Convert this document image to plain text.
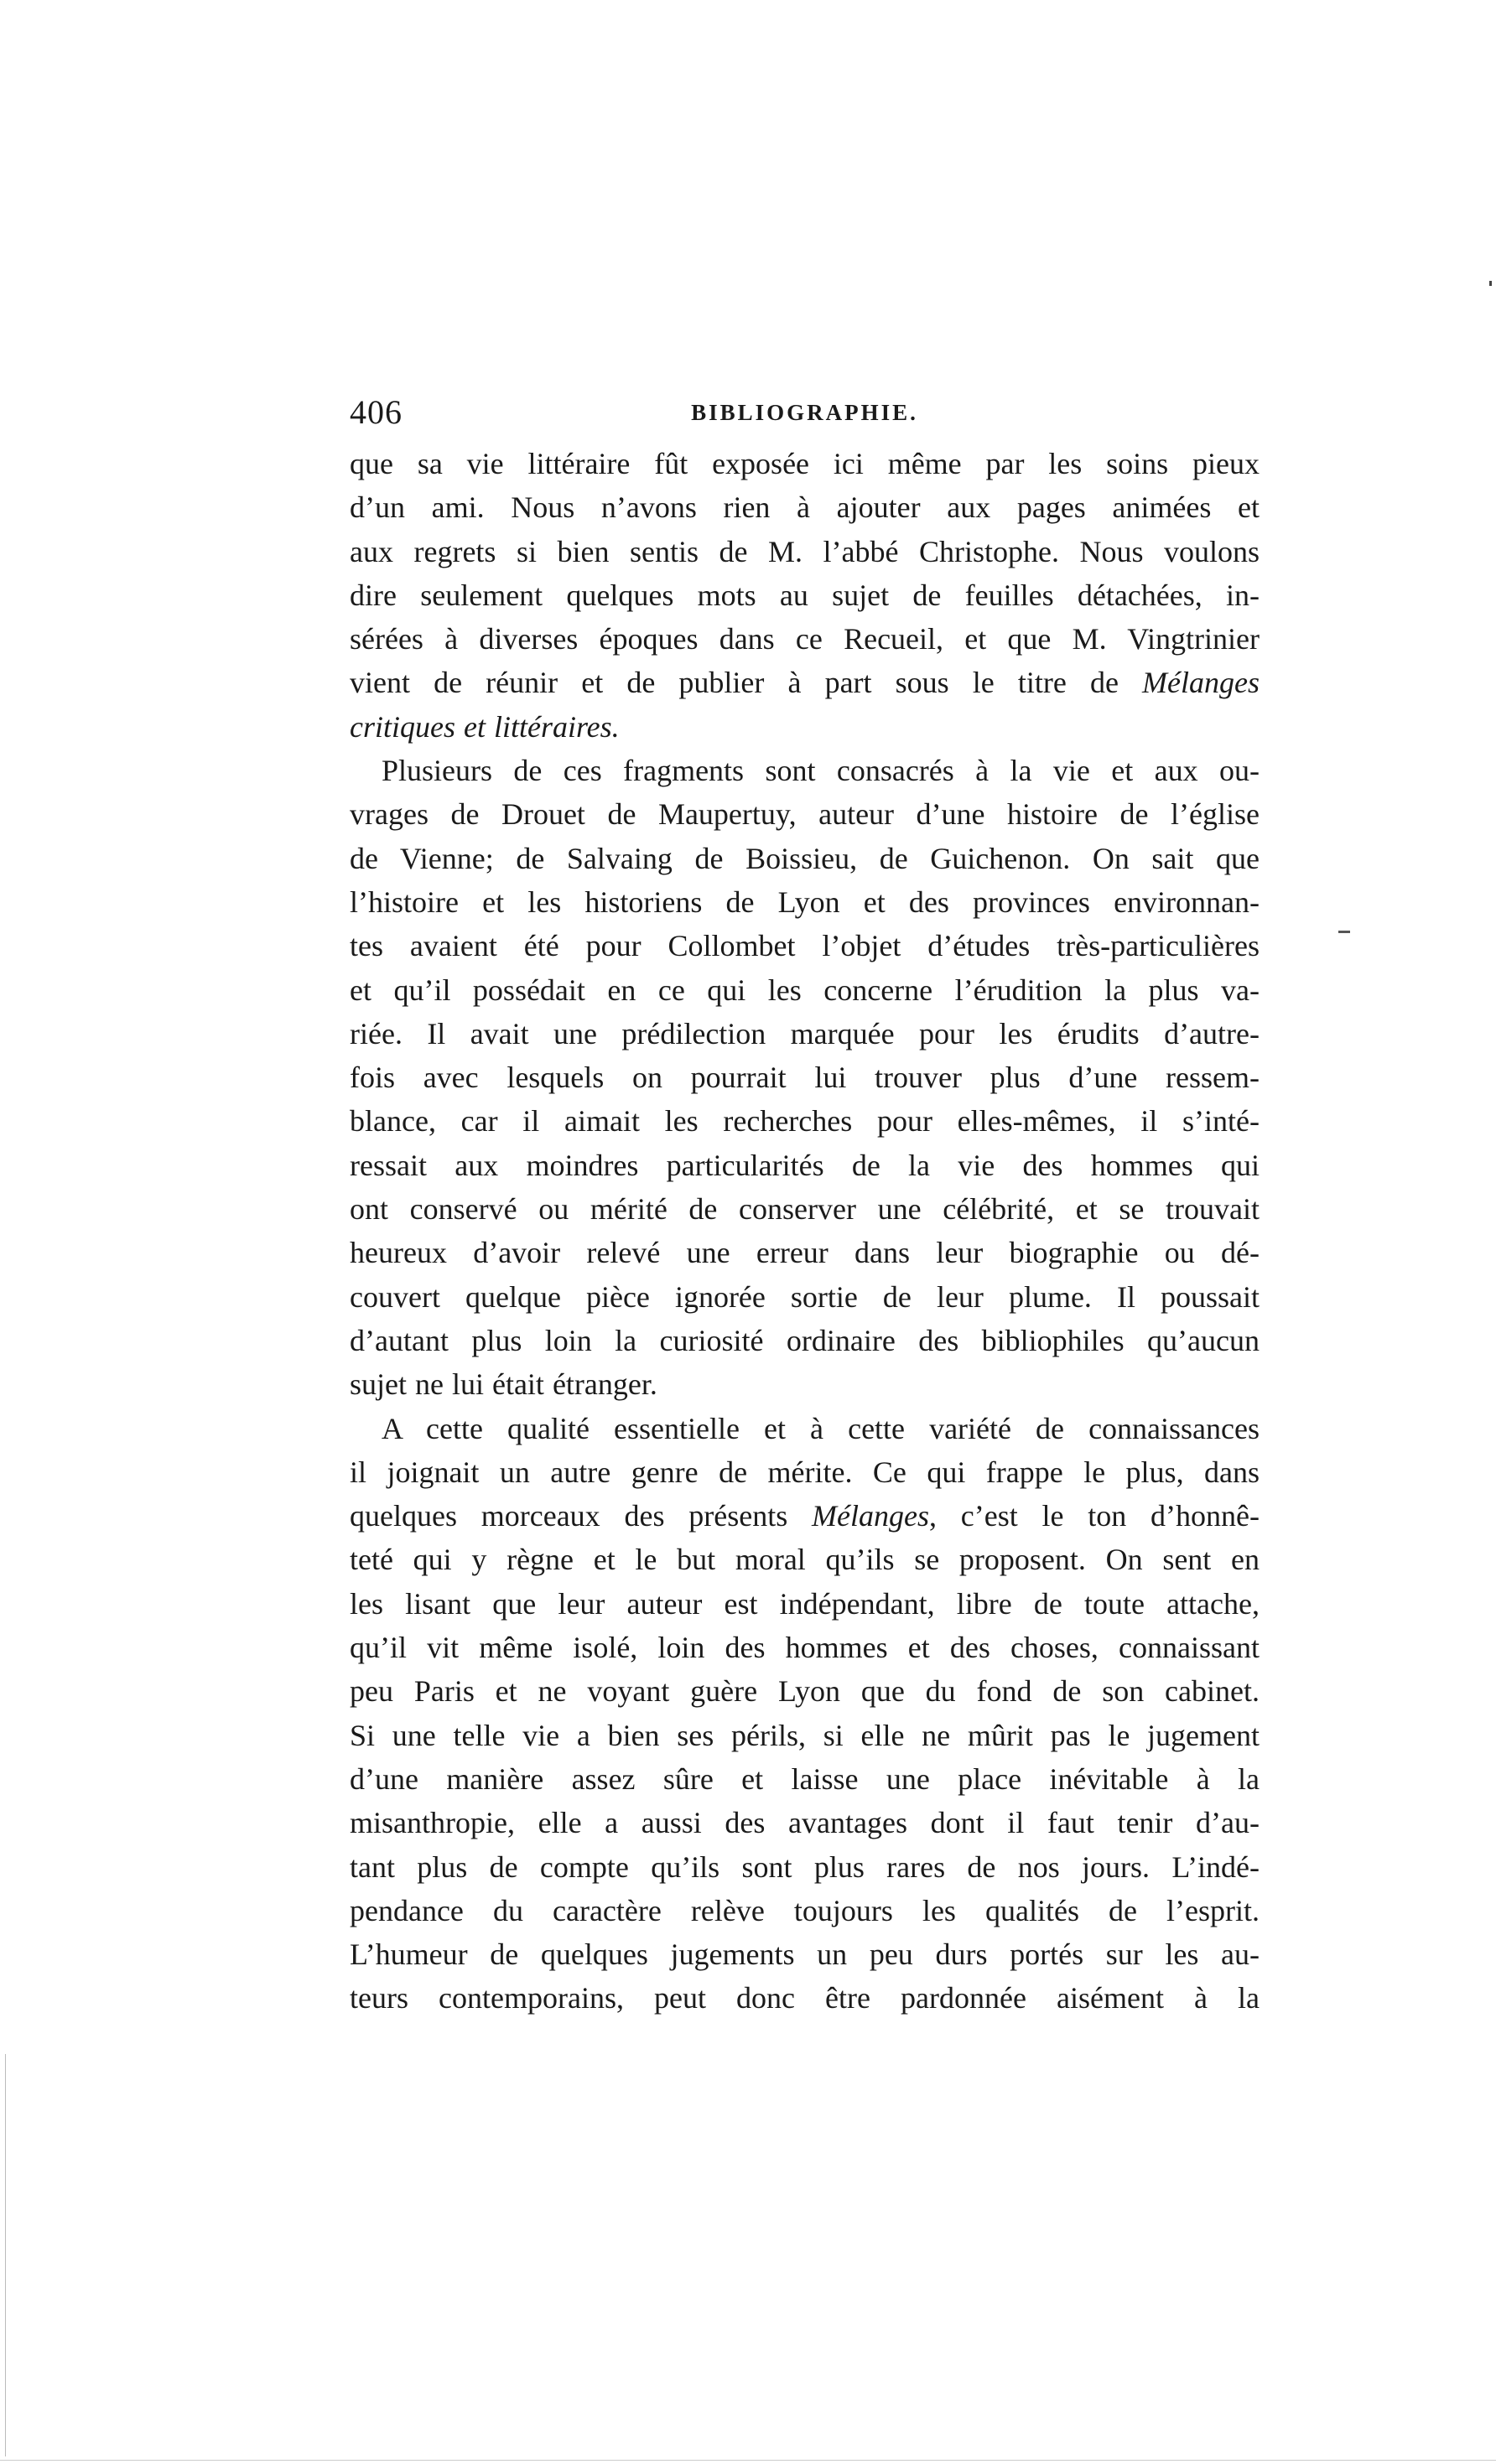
406	BIBLIOGRAPHIE.

que sa vie littéraire fût exposée ici même par les soins pieux
d’un ami. Nous n’avons rien à ajouter aux pages animées et
aux regrets si bien sentis de M. l’abbé Christophe. Nous voulons
dire seulement quelques mots au sujet de feuilles détachées, in-
sérées à diverses époques dans ce Recueil, et que M. Vingtrinier
vient de réunir et de publier à part sous le titre de Mélanges
critiques et littéraires.

Plusieurs de ces fragments sont consacrés à la vie et aux ou-
vrages de Drouet de Maupertuy, auteur d’une histoire de l’église
de Vienne; de Salvaing de Boissieu, de Guichenon. On sait que
l’histoire et les historiens de Lyon et des provinces environnan-
tes avaient été pour Collombet l’objet d’études très-particulières
et qu’il possédait en ce qui les concerne l’érudition la plus va-
riée. Il avait une prédilection marquée pour les érudits d’autre-
fois avec lesquels on pourrait lui trouver plus d’une ressem-
blance, car il aimait les recherches pour elles-mêmes, il s’inté-
ressait aux moindres particularités de la vie des hommes qui
ont conservé ou mérité de conserver une célébrité, et se trouvait
heureux d’avoir relevé une erreur dans leur biographie ou dé-
couvert quelque pièce ignorée sortie de leur plume. Il poussait
d’autant plus loin la curiosité ordinaire des bibliophiles qu’aucun
sujet ne lui était étranger.

A cette qualité essentielle et à cette variété de connaissances
il joignait un autre genre de mérite. Ce qui frappe le plus, dans
quelques morceaux des présents Mélanges, c’est le ton d’honnê-
teté qui y règne et le but moral qu’ils se proposent. On sent en
les lisant que leur auteur est indépendant, libre de toute attache,
qu’il vit même isolé, loin des hommes et des choses, connaissant
peu Paris et ne voyant guère Lyon que du fond de son cabinet.
Si une telle vie a bien ses périls, si elle ne mûrit pas le jugement
d’une manière assez sûre et laisse une place inévitable à la
misanthropie, elle a aussi des avantages dont il faut tenir d’au-
tant plus de compte qu’ils sont plus rares de nos jours. L’indé-
pendance du caractère relève toujours les qualités de l’esprit.
L’humeur de quelques jugements un peu durs portés sur les au-
teurs contemporains, peut donc être pardonnée aisément à la
